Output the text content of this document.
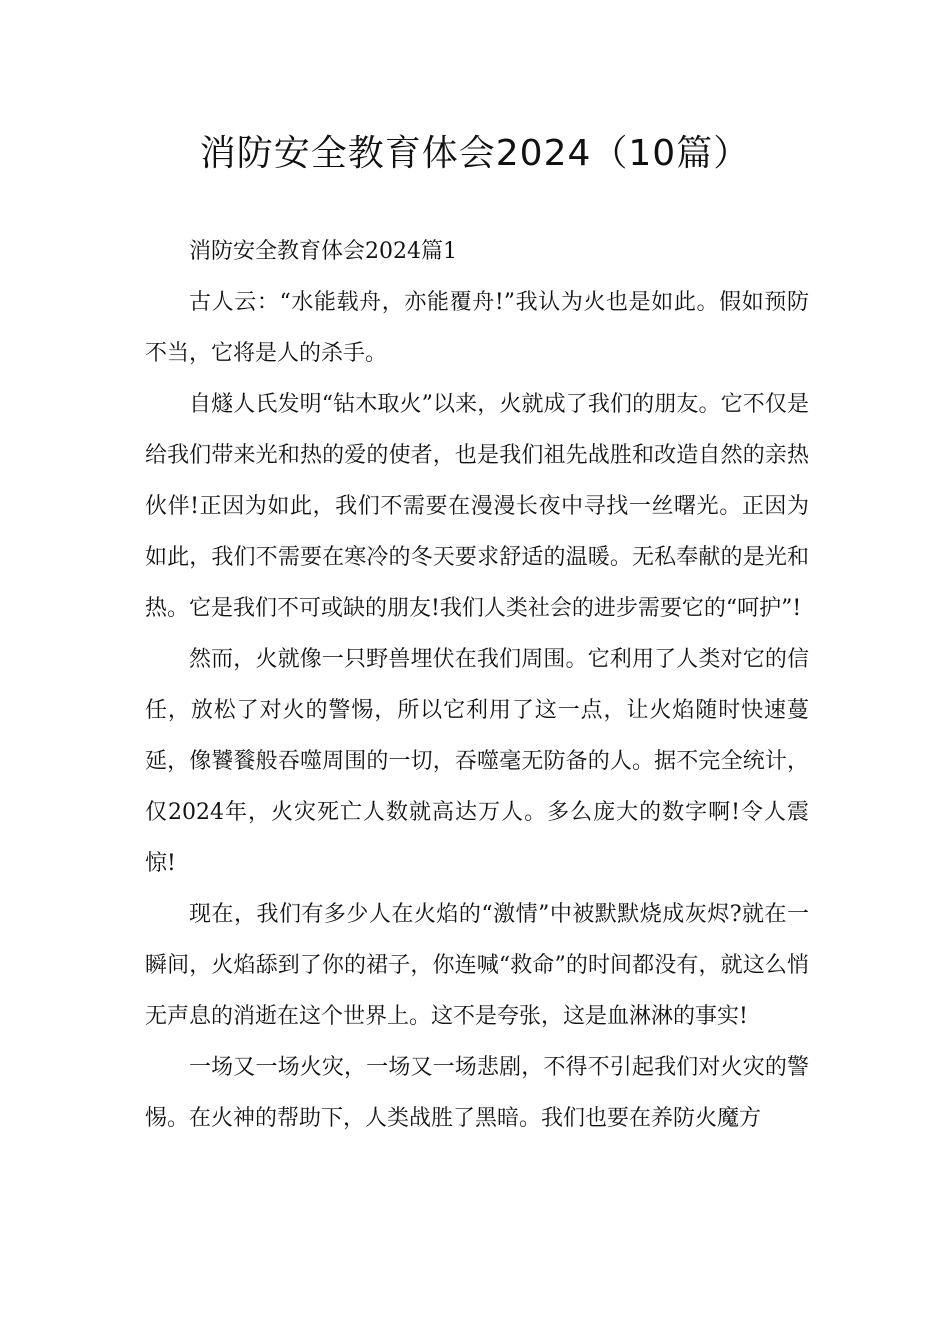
消防安全教育体会2024（10篇）

消防安全教育体会2024篇1

古人云：“水能载舟，亦能覆舟!”我认为火也是如此。假如预防不当，它将是人的杀手。

自燧人氏发明“钻木取火”以来，火就成了我们的朋友。它不仅是给我们带来光和热的爱的使者，也是我们祖先战胜和改造自然的亲热伙伴!正因为如此，我们不需要在漫漫长夜中寻找一丝曙光。正因为如此，我们不需要在寒冷的冬天要求舒适的温暖。无私奉献的是光和热。它是我们不可或缺的朋友!我们人类社会的进步需要它的“呵护”!

然而，火就像一只野兽埋伏在我们周围。它利用了人类对它的信任，放松了对火的警惕，所以它利用了这一点，让火焰随时快速蔓延，像饕餮般吞噬周围的一切，吞噬毫无防备的人。据不完全统计，仅2024年，火灾死亡人数就高达万人。多么庞大的数字啊!令人震惊!

现在，我们有多少人在火焰的“激情”中被默默烧成灰烬?就在一瞬间，火焰舔到了你的裙子，你连喊“救命”的时间都没有，就这么悄无声息的消逝在这个世界上。这不是夸张，这是血淋淋的事实!

一场又一场火灾，一场又一场悲剧，不得不引起我们对火灾的警惕。在火神的帮助下，人类战胜了黑暗。我们也要在养防火魔方
